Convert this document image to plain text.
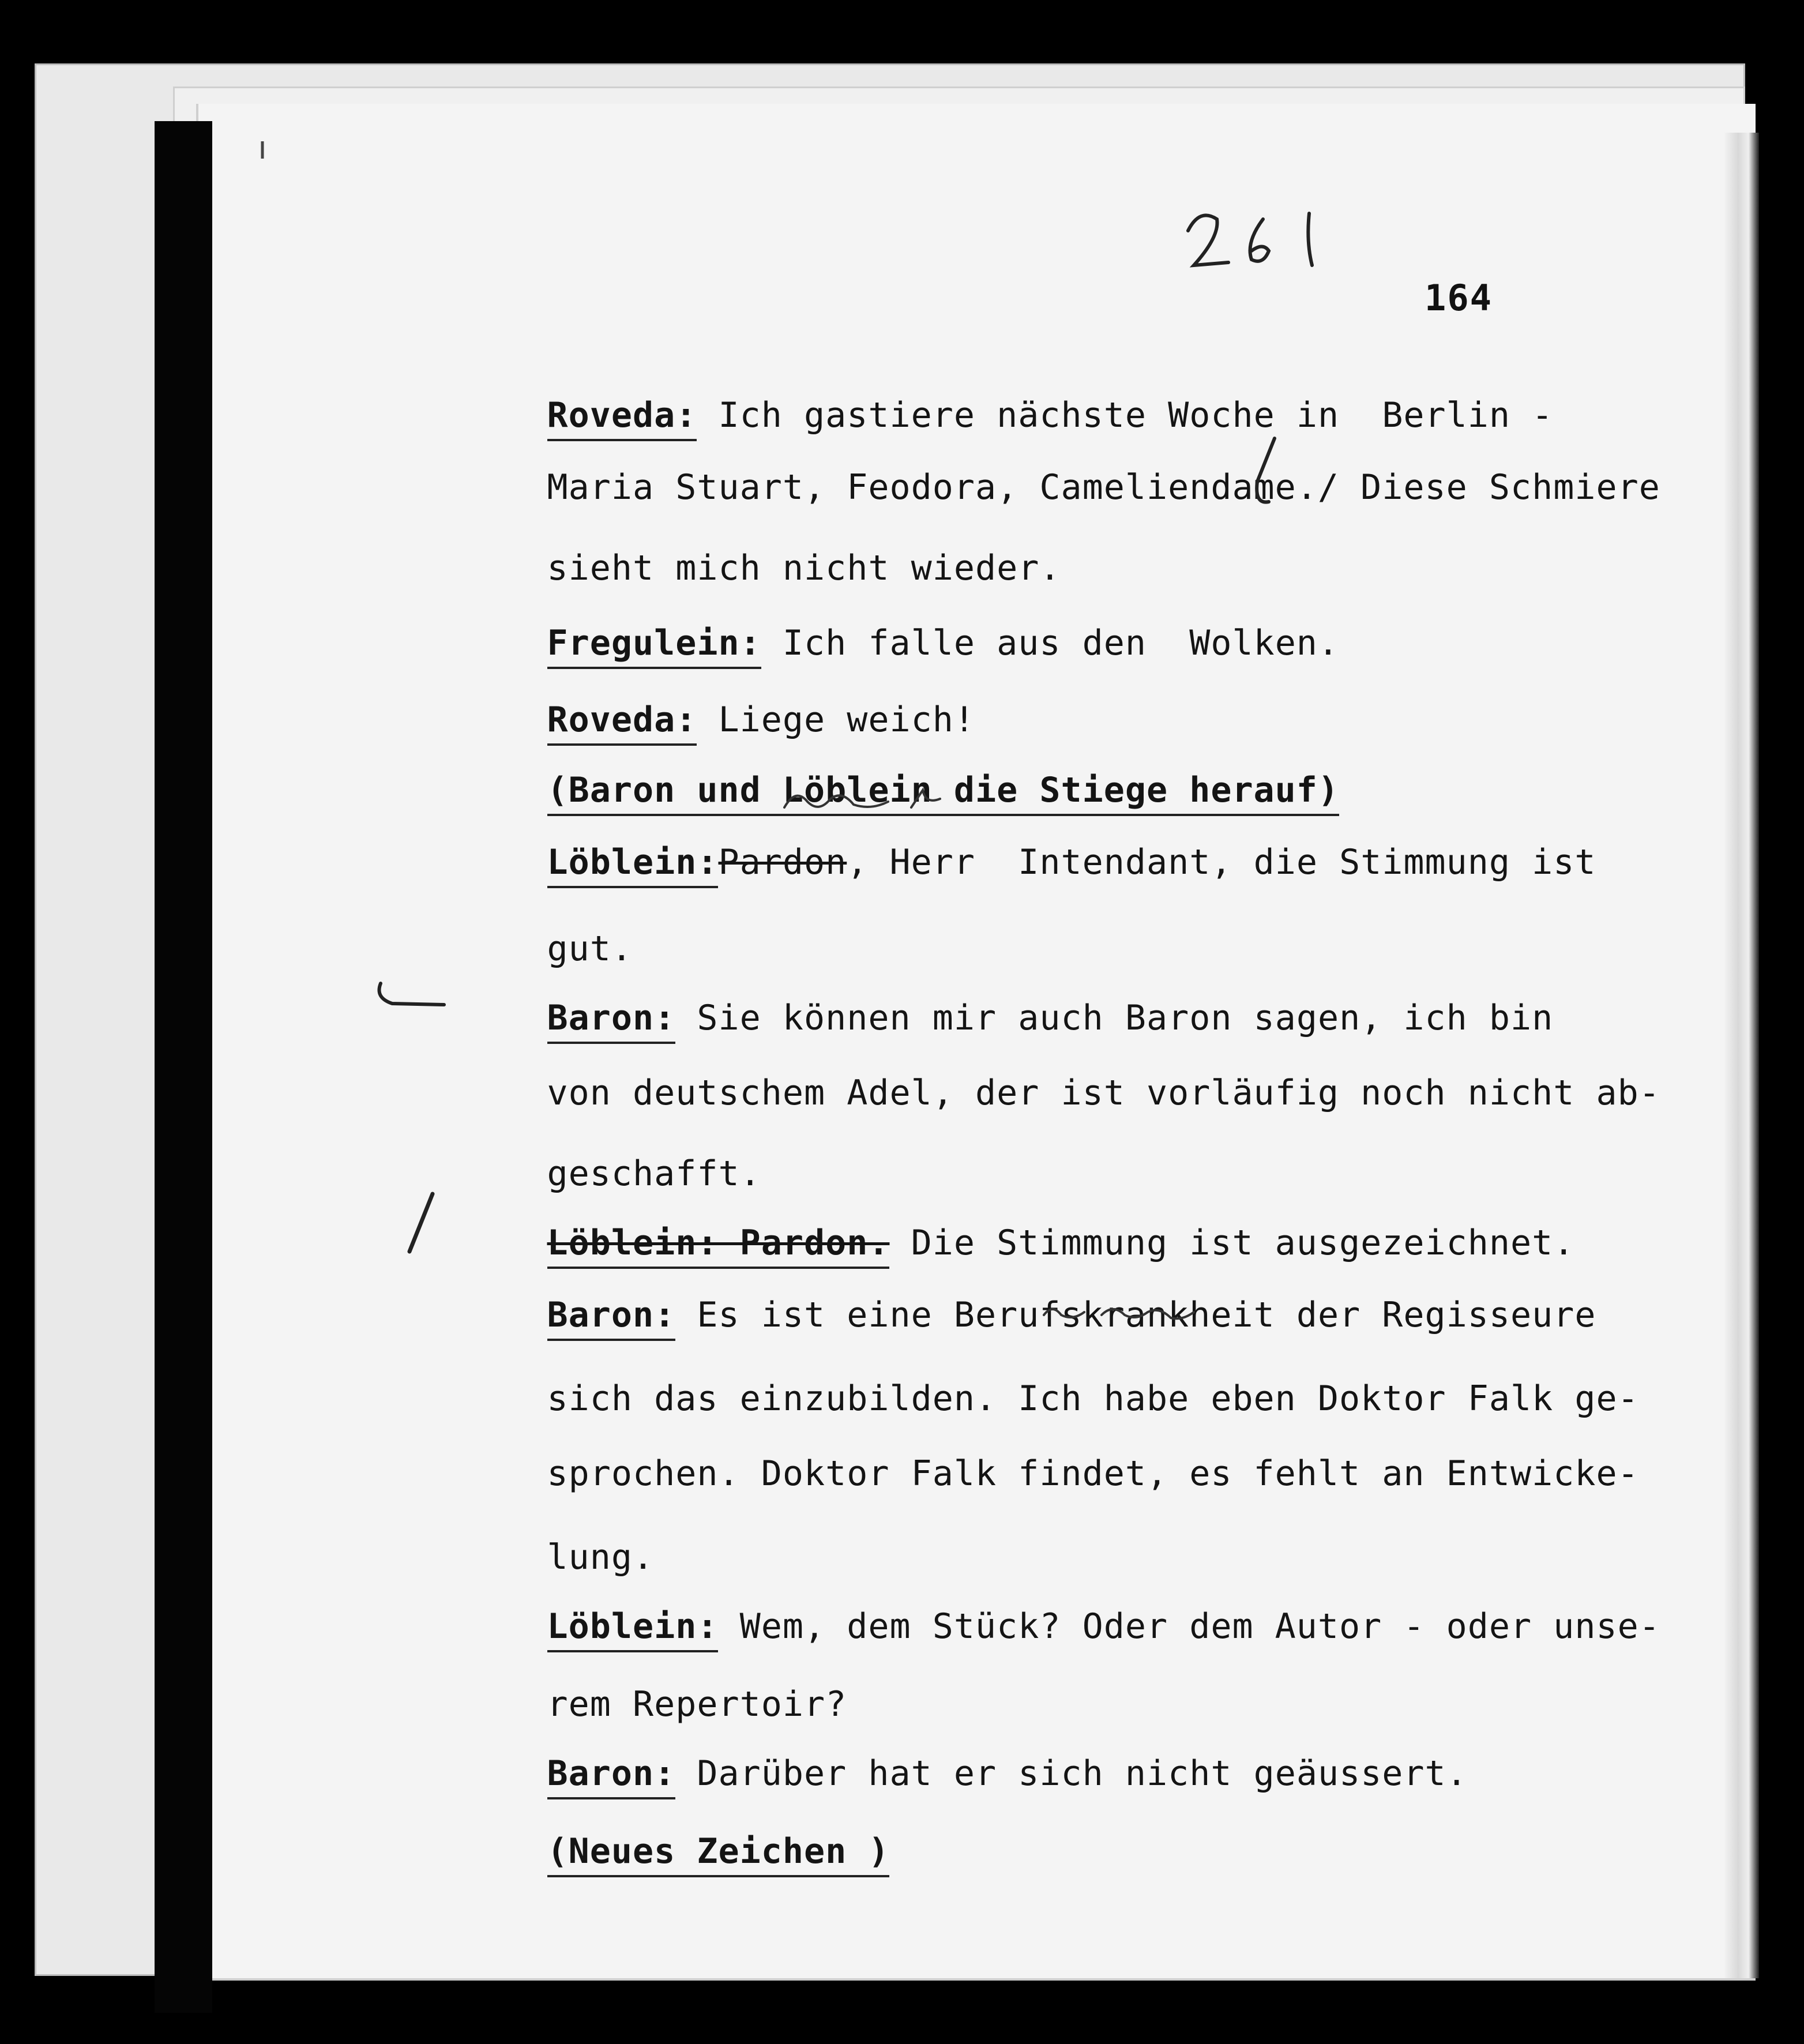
164

Roveda: Ich gastiere nächste Woche in  Berlin -

Maria Stuart, Feodora, Cameliendame./ Diese Schmiere

sieht mich nicht wieder.

Fregulein: Ich falle aus den  Wolken.

Roveda: Liege weich!

(Baron und Löblein die Stiege herauf)

Löblein:Pardon, Herr  Intendant, die Stimmung ist

gut.

Baron: Sie können mir auch Baron sagen, ich bin

von deutschem Adel, der ist vorläufig noch nicht ab-

geschafft.

Löblein: Pardon. Die Stimmung ist ausgezeichnet.

Baron: Es ist eine Berufskrankheit der Regisseure

sich das einzubilden. Ich habe eben Doktor Falk ge-

sprochen. Doktor Falk findet, es fehlt an Entwicke-

lung.

Löblein: Wem, dem Stück? Oder dem Autor - oder unse-

rem Repertoir?

Baron: Darüber hat er sich nicht geäussert.

(Neues Zeichen )
